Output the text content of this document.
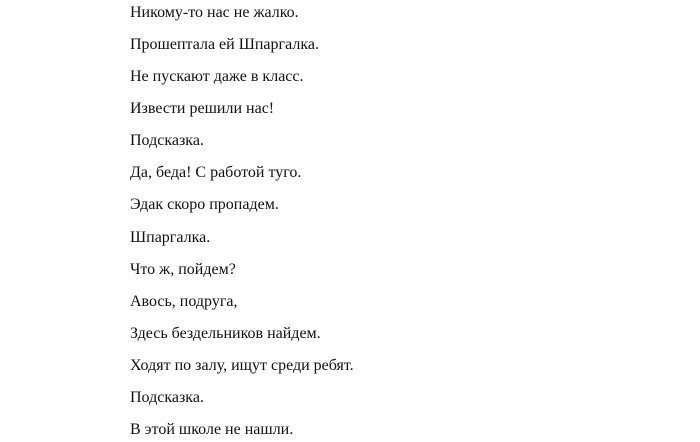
Никому-то нас не жалко.

Прошептала ей Шпаргалка.

Не пускают даже в класс.

Извести решили нас!

Подсказка.

Да, беда! С работой туго.

Эдак скоро пропадем.

Шпаргалка.

Что ж, пойдем?

Авось, подруга,

Здесь бездельников найдем.

Ходят по залу, ищут среди ребят.

Подсказка.

В этой школе не нашли.
